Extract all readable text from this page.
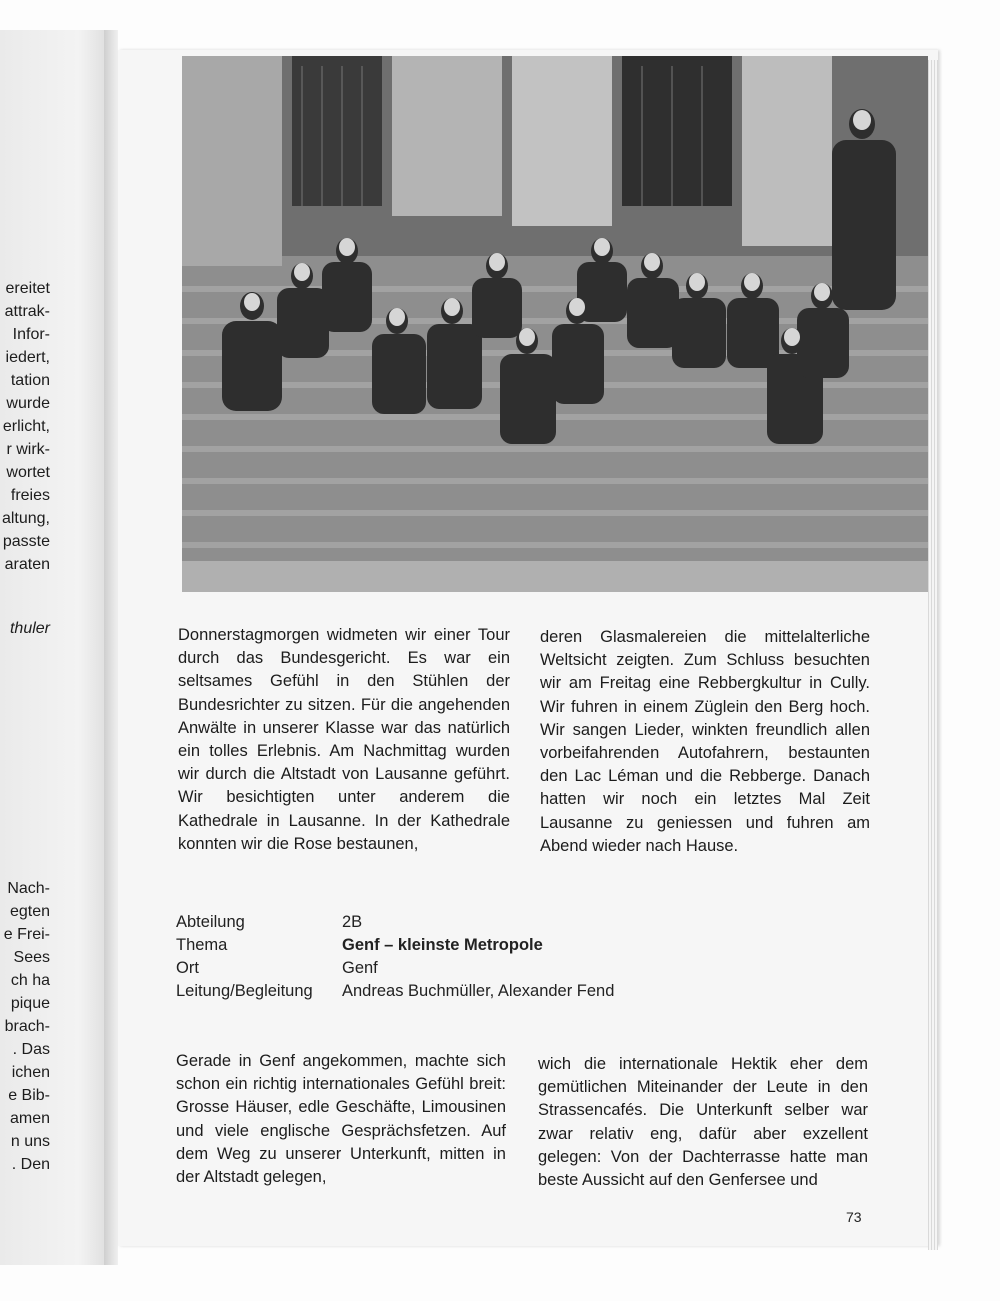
ereitet
attrak-
Infor-
iedert,
tation
wurde
erlicht,
r wirk-
wortet
freies
altung,
passte
araten
thuler
Nach-
egten
e Frei-
Sees
ch ha
pique
brach-
. Das
ichen
e Bib-
amen
n uns
. Den

Donnerstagmorgen widmeten wir einer Tour durch das Bundesgericht. Es war ein seltsames Gefühl in den Stühlen der Bundesrichter zu sitzen. Für die angehenden Anwälte in unserer Klasse war das natürlich ein tolles Erlebnis. Am Nachmittag wurden wir durch die Altstadt von Lausanne geführt. Wir besichtigten unter anderem die Kathedrale in Lausanne. In der Kathedrale konnten wir die Rose bestaunen,

deren Glasmalereien die mittelalterliche Weltsicht zeigten. Zum Schluss besuchten wir am Freitag eine Rebbergkultur in Cully. Wir fuhren in einem Züglein den Berg hoch. Wir sangen Lieder, winkten freundlich allen vorbeifahrenden Autofahrern, bestaunten den Lac Léman und die Rebberge. Danach hatten wir noch ein letztes Mal Zeit Lausanne zu geniessen und fuhren am Abend wieder nach Hause.

Abteilung	2B
Thema	Genf – kleinste Metropole
Ort	Genf
Leitung/Begleitung	Andreas Buchmüller, Alexander Fend

Gerade in Genf angekommen, machte sich schon ein richtig internationales Gefühl breit: Grosse Häuser, edle Geschäfte, Limousinen und viele englische Gesprächsfetzen. Auf dem Weg zu unserer Unterkunft, mitten in der Altstadt gelegen,

wich die internationale Hektik eher dem gemütlichen Miteinander der Leute in den Strassencafés. Die Unterkunft selber war zwar relativ eng, dafür aber exzellent gelegen: Von der Dachterrasse hatte man beste Aussicht auf den Genfersee und

73
